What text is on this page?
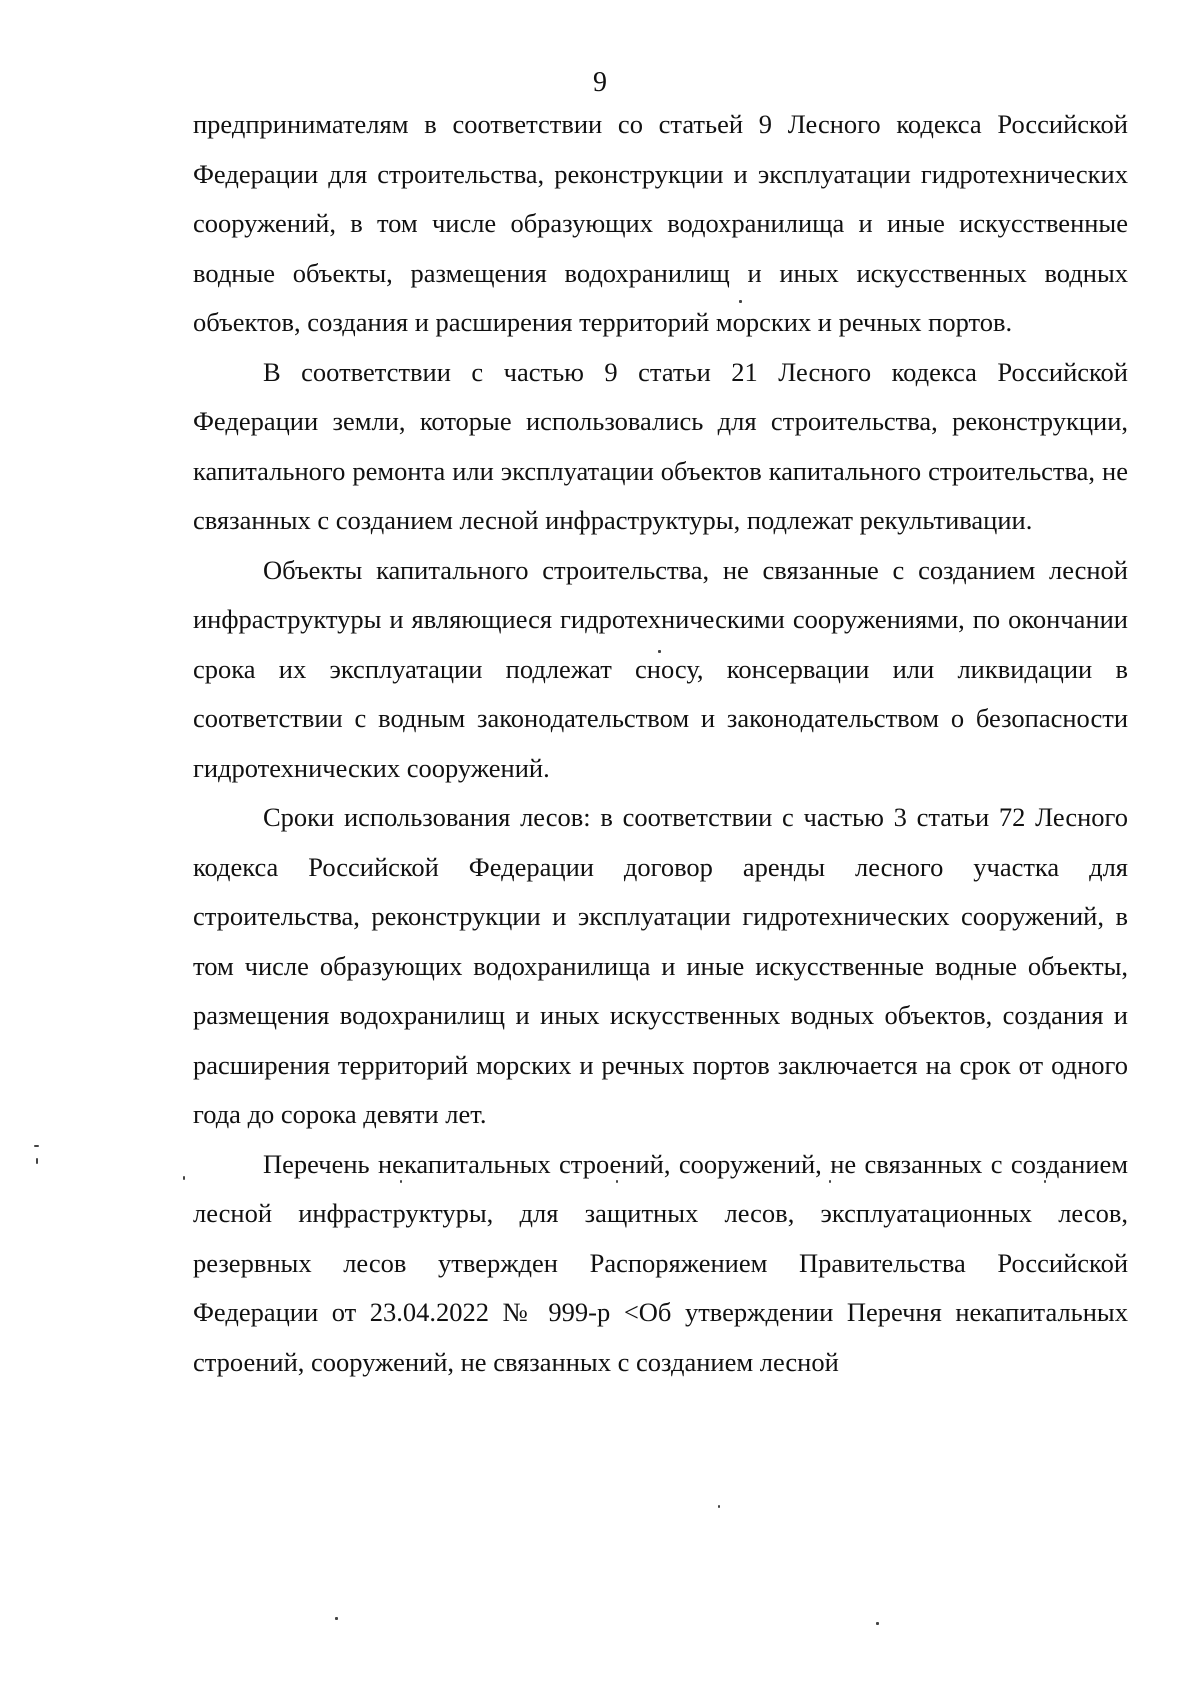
9

предпринимателям в соответствии со статьей 9 Лесного кодекса Российской Федерации для строительства, реконструкции и эксплуатации гидротехнических сооружений, в том числе образующих водохранилища и иные искусственные водные объекты, размещения водохранилищ и иных искусственных водных объектов, создания и расширения территорий морских и речных портов.

В соответствии с частью 9 статьи 21 Лесного кодекса Российской Федерации земли, которые использовались для строительства, реконструкции, капитального ремонта или эксплуатации объектов капитального строительства, не связанных с созданием лесной инфраструктуры, подлежат рекультивации.

Объекты капитального строительства, не связанные с созданием лесной инфраструктуры и являющиеся гидротехническими сооружениями, по окончании срока их эксплуатации подлежат сносу, консервации или ликвидации в соответствии с водным законодательством и законодательством о безопасности гидротехнических сооружений.

Сроки использования лесов: в соответствии с частью 3 статьи 72 Лесного кодекса Российской Федерации договор аренды лесного участка для строительства, реконструкции и эксплуатации гидротехнических сооружений, в том числе образующих водохранилища и иные искусственные водные объекты, размещения водохранилищ и иных искусственных водных объектов, создания и расширения территорий морских и речных портов заключается на срок от одного года до сорока девяти лет.

Перечень некапитальных строений, сооружений, не связанных с созданием лесной инфраструктуры, для защитных лесов, эксплуатационных лесов, резервных лесов утвержден Распоряжением Правительства Российской Федерации от 23.04.2022 № 999-р <Об утверждении Перечня некапитальных строений, сооружений, не связанных с созданием лесной
